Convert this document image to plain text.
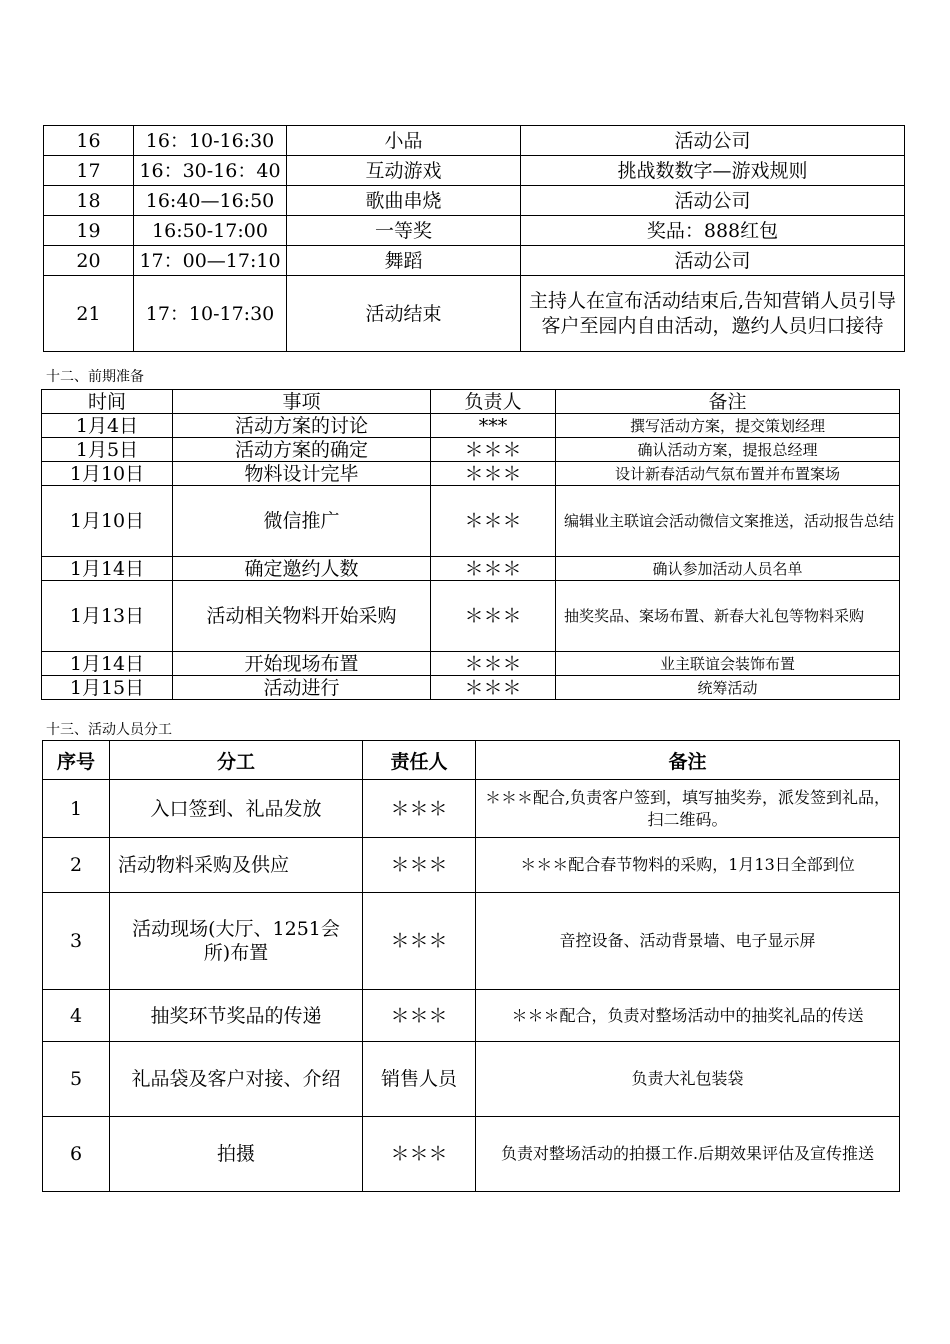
16	16：10-16:30	小品	活动公司
17	16：30-16：40	互动游戏	挑战数数字—游戏规则
18	16:40—16:50	歌曲串烧	活动公司
19	16:50-17:00	一等奖	奖品：888红包
20	17：00—17:10	舞蹈	活动公司
21	17：10-17:30	活动结束	主持人在宣布活动结束后,告知营销人员引导客户至园内自由活动，邀约人员归口接待
十二、前期准备
时间	事项	负责人	备注
1月4日	活动方案的讨论	***	撰写活动方案，提交策划经理
1月5日	活动方案的确定	＊＊＊	确认活动方案，提报总经理
1月10日	物料设计完毕	＊＊＊	设计新春活动气氛布置并布置案场
1月10日	微信推广	＊＊＊	编辑业主联谊会活动微信文案推送，活动报告总结
1月14日	确定邀约人数	＊＊＊	确认参加活动人员名单
1月13日	活动相关物料开始采购	＊＊＊	抽奖奖品、案场布置、新春大礼包等物料采购
1月14日	开始现场布置	＊＊＊	业主联谊会装饰布置
1月15日	活动进行	＊＊＊	统筹活动
十三、活动人员分工
序号	分工	责任人	备注
1	入口签到、礼品发放	＊＊＊	＊＊＊配合,负责客户签到，填写抽奖券，派发签到礼品，扫二维码。
2	活动物料采购及供应	＊＊＊	＊＊＊配合春节物料的采购，1月13日全部到位
3	活动现场(大厅、1251会所)布置	＊＊＊	音控设备、活动背景墙、电子显示屏
4	抽奖环节奖品的传递	＊＊＊	＊＊＊配合，负责对整场活动中的抽奖礼品的传送
5	礼品袋及客户对接、介绍	销售人员	负责大礼包装袋
6	拍摄	＊＊＊	负责对整场活动的拍摄工作.后期效果评估及宣传推送
